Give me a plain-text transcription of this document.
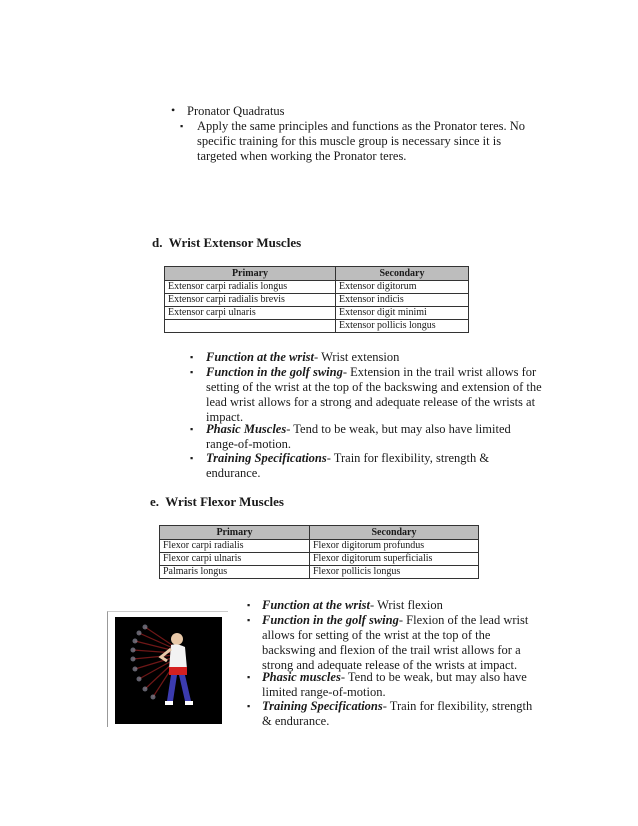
• Pronator Quadratus
▪ Apply the same principles and functions as the Pronator teres. No
specific training for this muscle group is necessary since it is
targeted when working the Pronator teres.
d.  Wrist Extensor Muscles
Primary	Secondary
Extensor carpi radialis longus	Extensor digitorum
Extensor carpi radialis brevis	Extensor indicis
Extensor carpi ulnaris	Extensor digit minimi
	Extensor pollicis longus
▪ Function at the wrist- Wrist extension
▪ Function in the golf swing- Extension in the trail wrist allows for
setting of the wrist at the top of the backswing and extension of the
lead wrist allows for a strong and adequate release of the wrists at
impact.
▪ Phasic Muscles- Tend to be weak, but may also have limited
range-of-motion.
▪ Training Specifications- Train for flexibility, strength &
endurance.
e.  Wrist Flexor Muscles
Primary	Secondary
Flexor carpi radialis	Flexor digitorum profundus
Flexor carpi ulnaris	Flexor digitorum superficialis
Palmaris longus	Flexor pollicis longus
▪ Function at the wrist- Wrist flexion
▪ Function in the golf swing- Flexion of the lead wrist
allows for setting of the wrist at the top of the
backswing and flexion of the trail wrist allows for a
strong and adequate release of the wrists at impact.
▪ Phasic muscles- Tend to be weak, but may also have
limited range-of-motion.
▪ Training Specifications- Train for flexibility, strength
& endurance.
